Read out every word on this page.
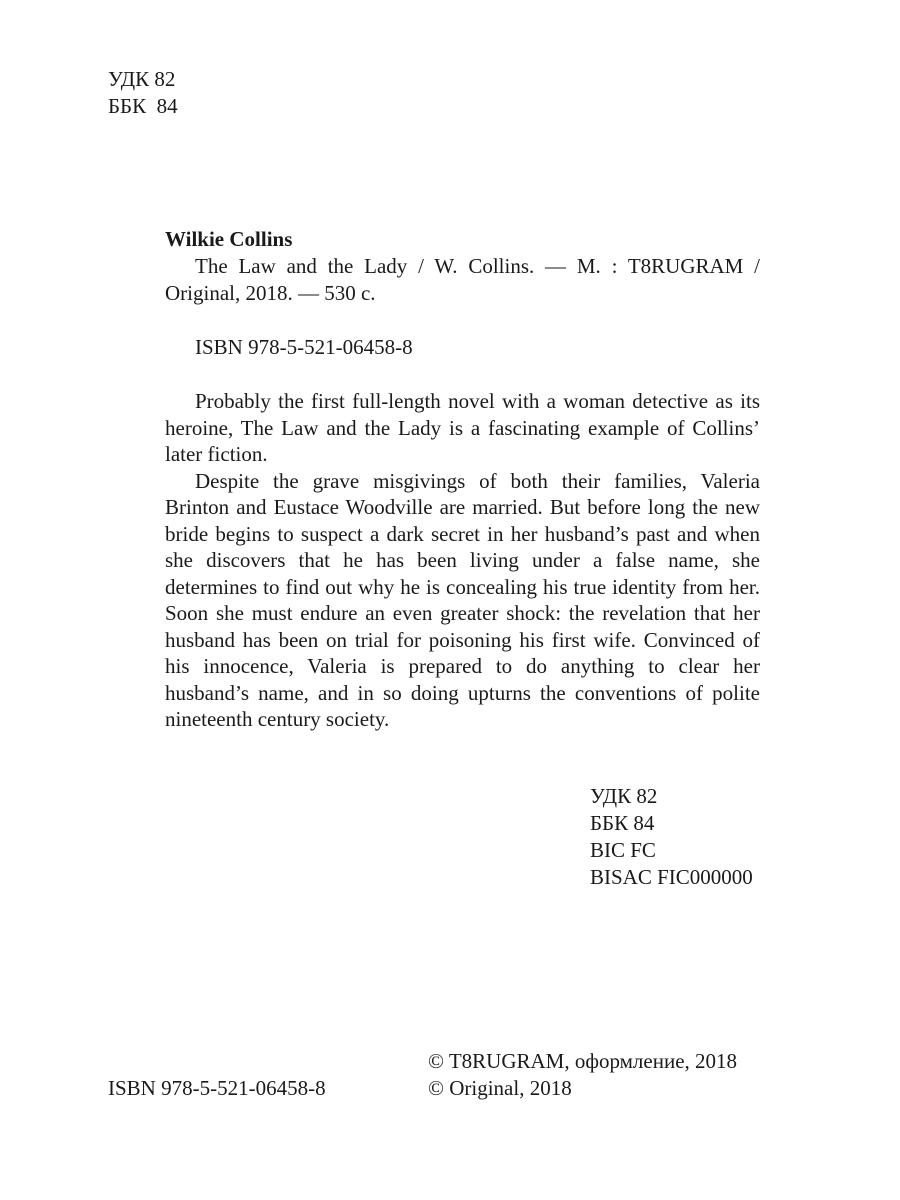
УДК 82
ББК  84
Wilkie Collins

The Law and the Lady / W. Collins. — M. : T8RUGRAM / Original, 2018. — 530 c.

ISBN 978-5-521-06458-8

Probably the first full-length novel with a woman detective as its heroine, The Law and the Lady is a fascinating example of Collins’ later fiction.

Despite the grave misgivings of both their families, Valeria Brinton and Eustace Woodville are married. But before long the new bride begins to suspect a dark secret in her husband’s past and when she discovers that he has been living under a false name, she determines to find out why he is concealing his true identity from her. Soon she must endure an even greater shock: the revelation that her husband has been on trial for poisoning his first wife. Convinced of his innocence, Valeria is prepared to do anything to clear her husband’s name, and in so doing upturns the conventions of polite nineteenth century society.

УДК 82
ББК 84
BIC FC
BISAC FIC000000
ISBN 978-5-521-06458-8
© T8RUGRAM, оформление, 2018
© Original, 2018
